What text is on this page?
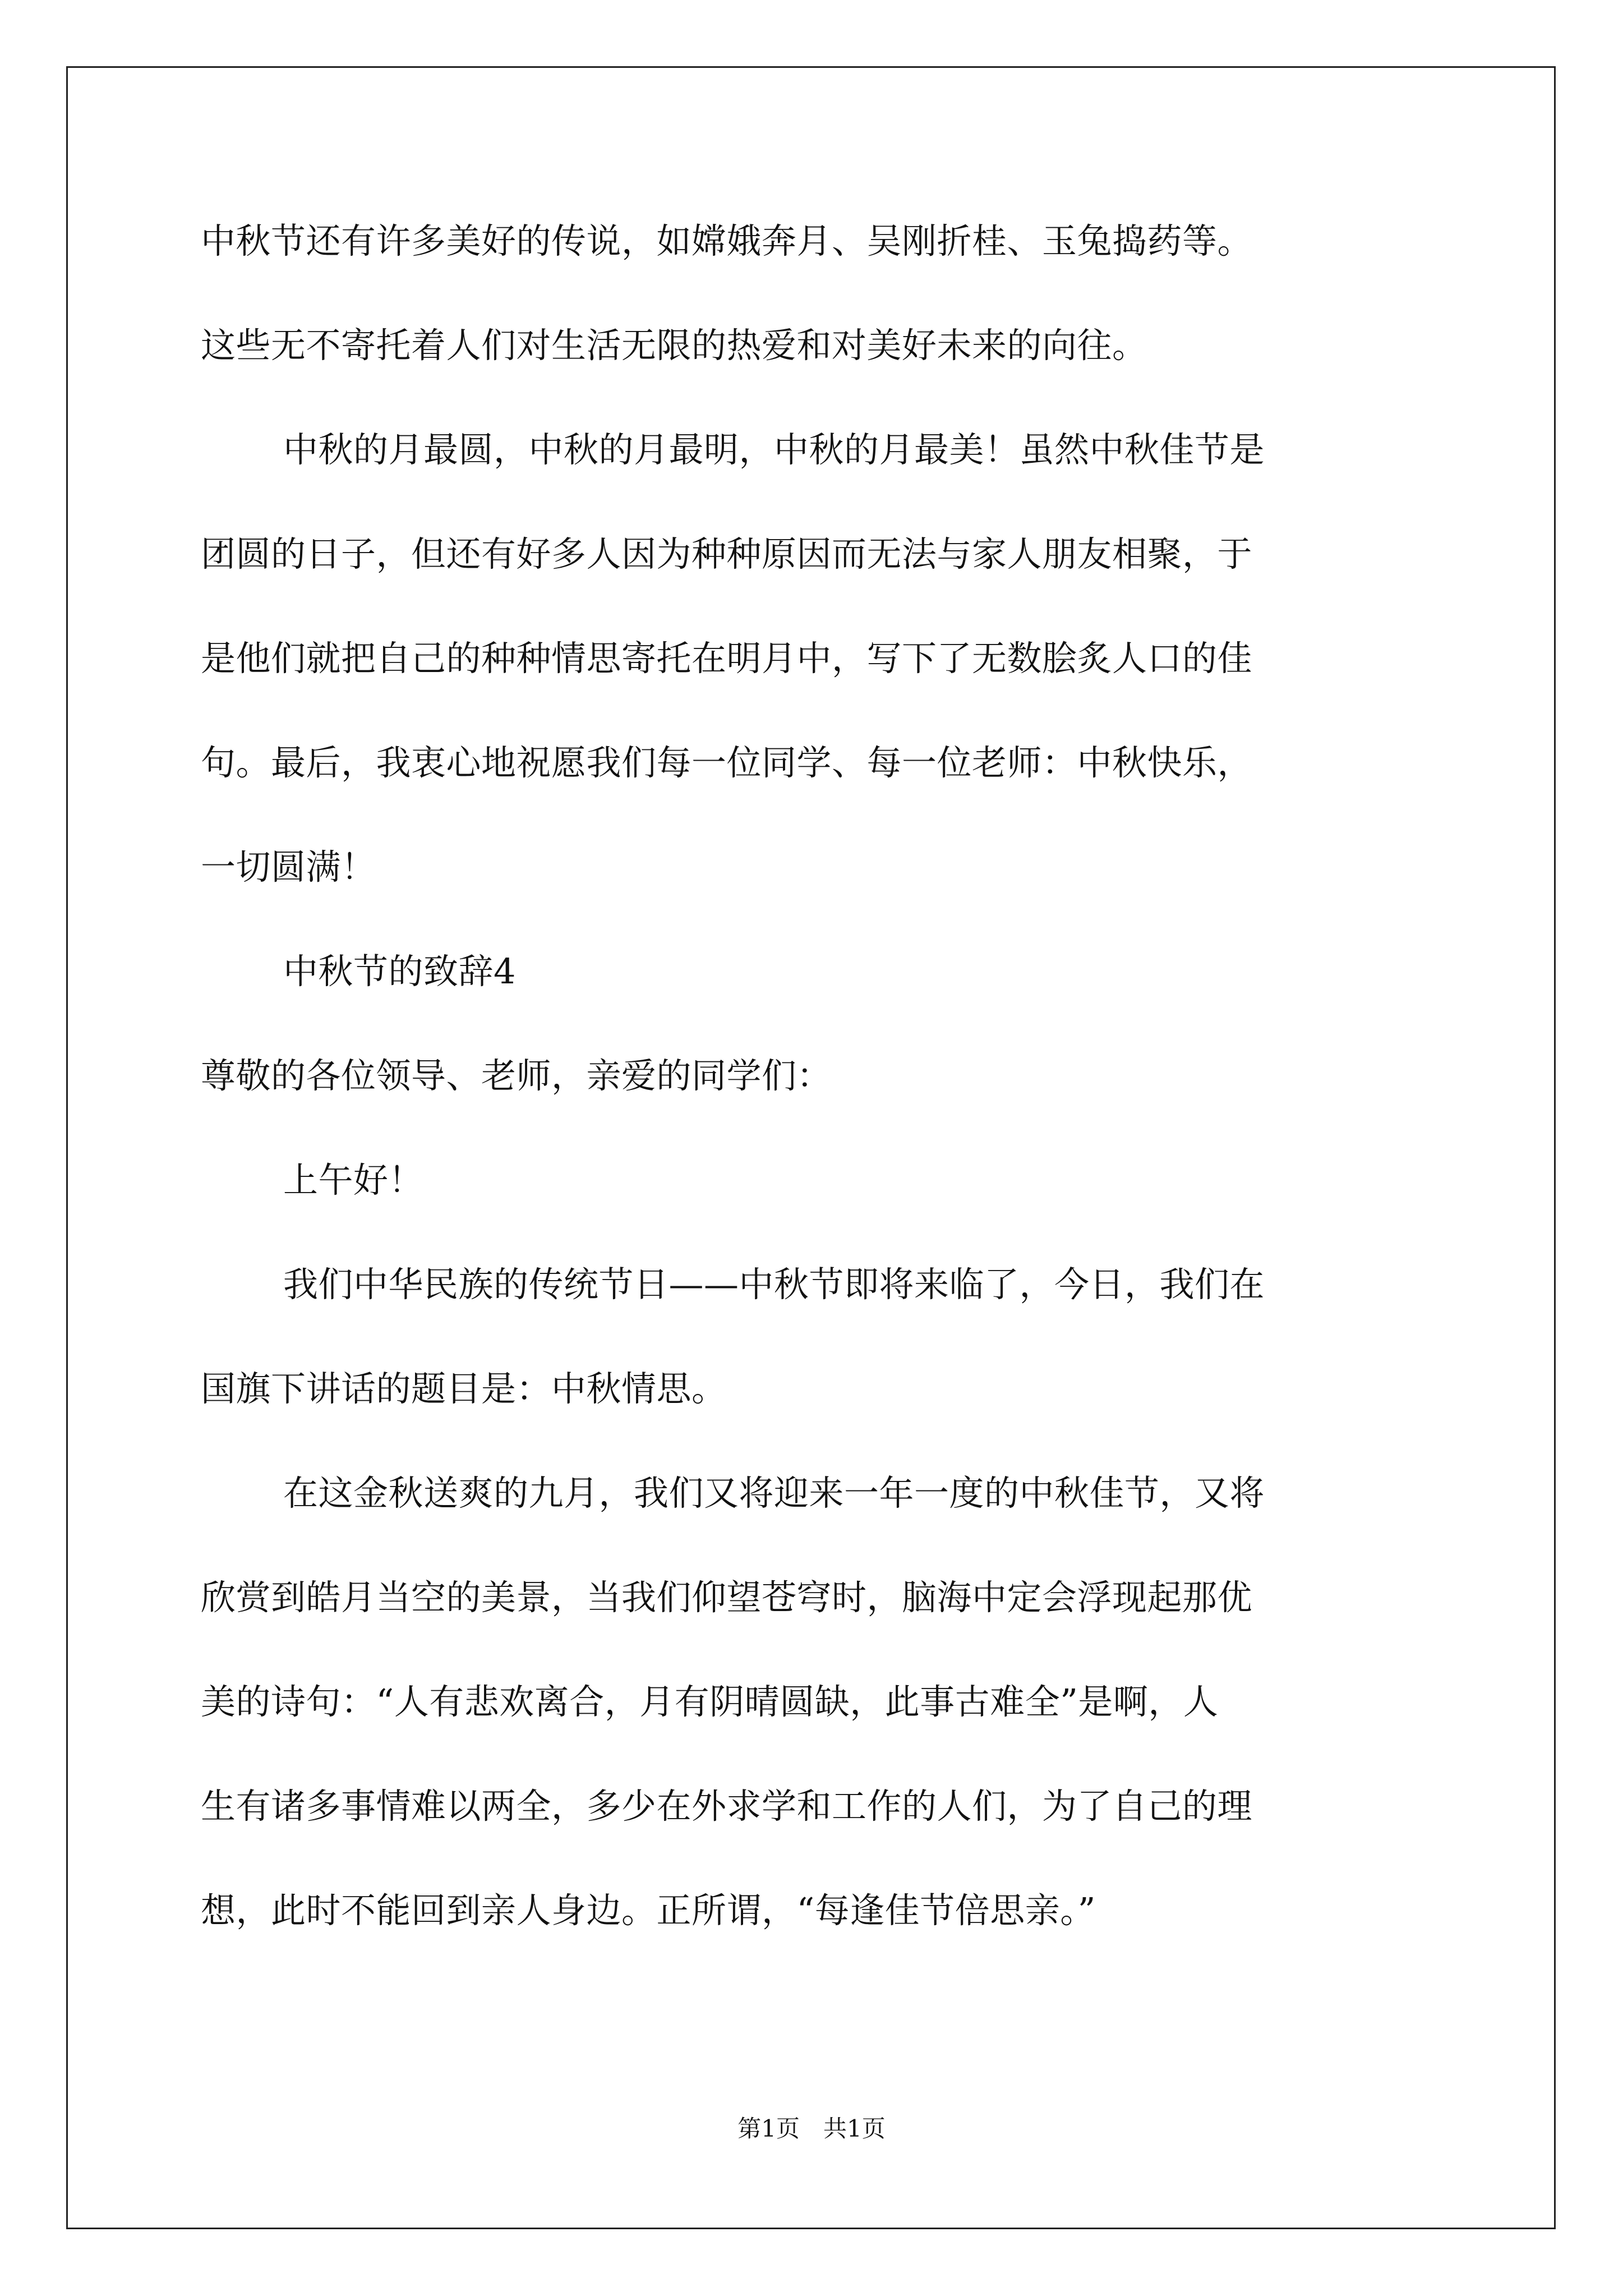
中秋节还有许多美好的传说，如嫦娥奔月、吴刚折桂、玉兔捣药等。
这些无不寄托着人们对生活无限的热爱和对美好未来的向往。
中秋的月最圆，中秋的月最明，中秋的月最美！虽然中秋佳节是
团圆的日子，但还有好多人因为种种原因而无法与家人朋友相聚，于
是他们就把自己的种种情思寄托在明月中，写下了无数脍炙人口的佳
句。最后，我衷心地祝愿我们每一位同学、每一位老师：中秋快乐，
一切圆满！
中秋节的致辞4
尊敬的各位领导、老师，亲爱的同学们：
上午好！
我们中华民族的传统节日——中秋节即将来临了，今日，我们在
国旗下讲话的题目是：中秋情思。
在这金秋送爽的九月，我们又将迎来一年一度的中秋佳节，又将
欣赏到皓月当空的美景，当我们仰望苍穹时，脑海中定会浮现起那优
美的诗句：“人有悲欢离合，月有阴晴圆缺，此事古难全”是啊，人
生有诸多事情难以两全，多少在外求学和工作的人们，为了自己的理
想，此时不能回到亲人身边。正所谓，“每逢佳节倍思亲。”
第1页　共1页
